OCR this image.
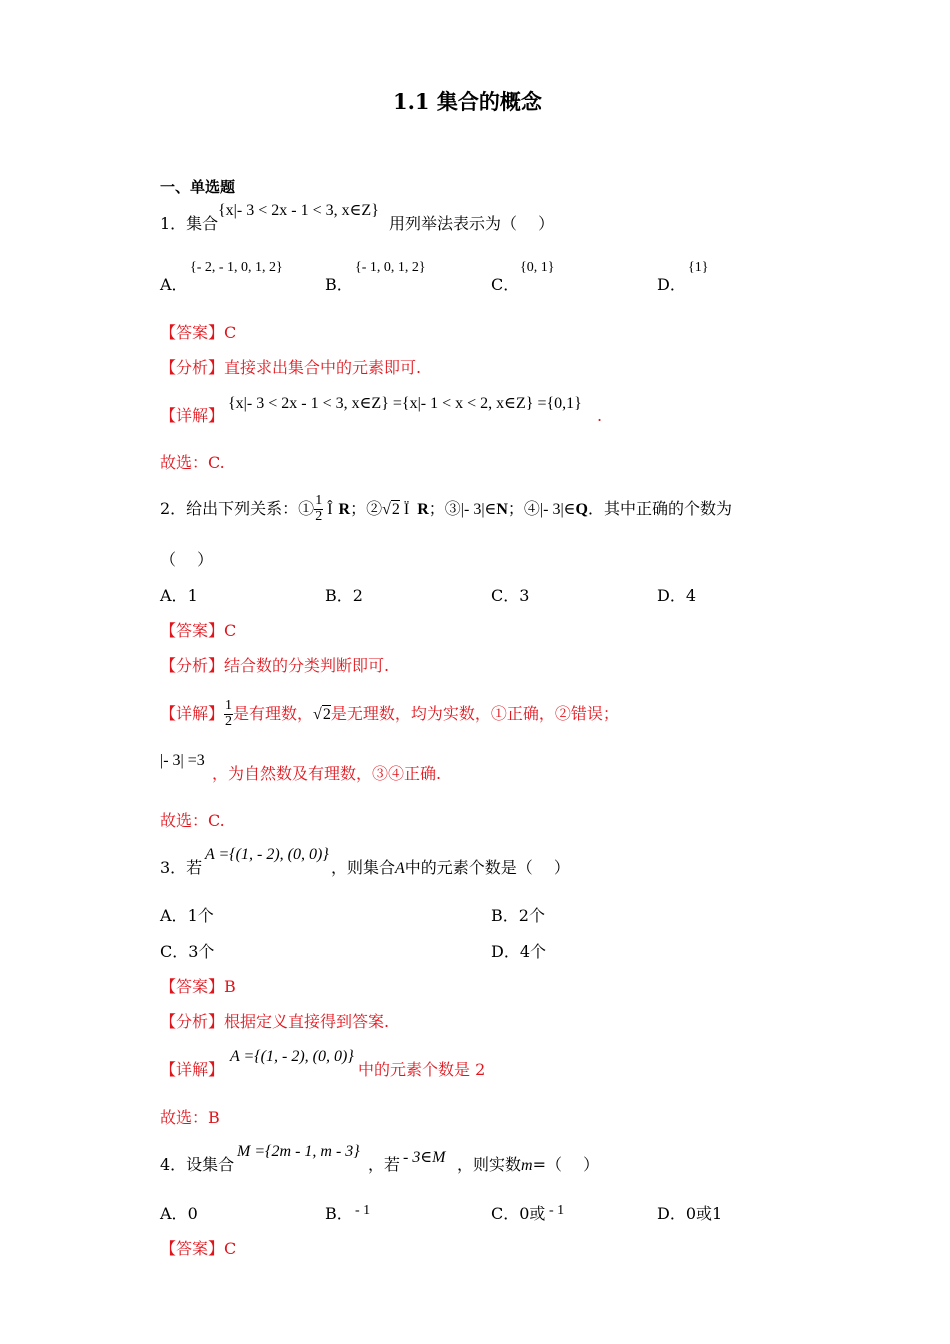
1.1 集合的概念
一、单选题
1．集合
{x|- 3 < 2x - 1 < 3, x∈Z}
用列举法表示为（　 ）
A．
{- 2, - 1, 0, 1, 2}
B．
{- 1, 0, 1, 2}
C．
{0, 1}
D．
{1}
【答案】C
【分析】直接求出集合中的元素即可.
【详解】
{x|- 3 < 2x - 1 < 3, x∈Z} ={x|- 1 < x < 2, x∈Z} ={0,1}
.
故选：C.
2．给出下列关系：① $\frac{1}{2}$ Î R；②√2 Ï R；③|- 3|∈N；④|- 3|∈Q．其中正确的个数为
（　 ）
A．1	B．2	C．3	D．4
【答案】C
【分析】结合数的分类判断即可.
【详解】 $\frac{1}{2}$ 是有理数，√2是无理数，均为实数，①正确，②错误；
|- 3| =3
，为自然数及有理数，③④正确.
故选：C.
3．若
A ={(1, - 2), (0, 0)}
，则集合A中的元素个数是（　 ）
A．1个	B．2个
C．3个	D．4个
【答案】B
【分析】根据定义直接得到答案.
【详解】
A ={(1, - 2), (0, 0)}
中的元素个数是 2
故选：B
4．设集合
M ={2m - 1, m - 3}
，若 - 3∈M ，则实数m=（　 ）
A．0	B． - 1	C．0或 - 1	D．0或1
【答案】C
